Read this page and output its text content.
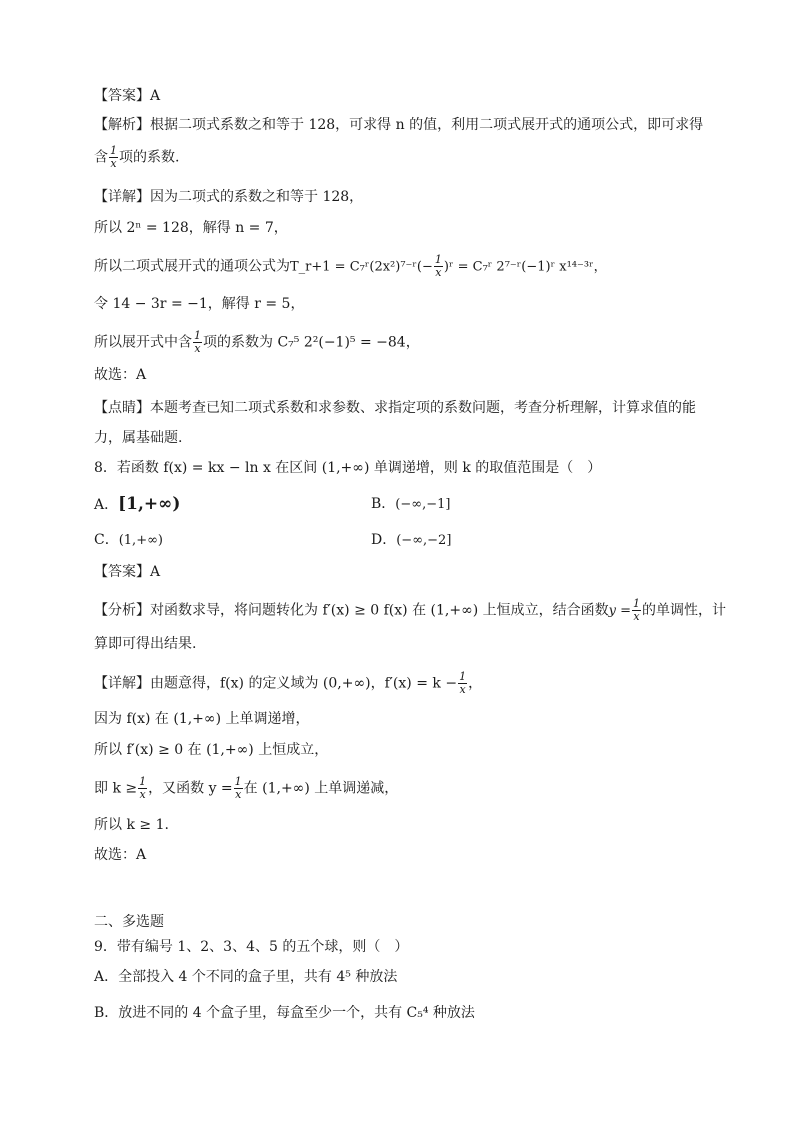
【答案】A
【解析】根据二项式系数之和等于 128，可求得 n 的值，利用二项式展开式的通项公式，即可求得
含 $\frac{1}{x}$ 项的系数.
【详解】因为二项式的系数之和等于 128，
所以 2ⁿ = 128，解得 n = 7，
所以二项式展开式的通项公式为T_r+1 = C₇ʳ(2x²)⁷⁻ʳ(− $\frac{1}{x}$ )ʳ = C₇ʳ 2⁷⁻ʳ(−1)ʳ x¹⁴⁻³ʳ，
令 14 − 3r = −1，解得 r = 5，
所以展开式中含 $\frac{1}{x}$ 项的系数为 C₇⁵ 2²(−1)⁵ = −84，
故选：A
【点睛】本题考查已知二项式系数和求参数、求指定项的系数问题，考查分析理解，计算求值的能
力，属基础题.
8．若函数 f(x) = kx − ln x 在区间 (1,+∞) 单调递增，则 k 的取值范围是（　）
A．[1,+∞)	B．(−∞,−1]
C．(1,+∞)	D．(−∞,−2]
【答案】A
【分析】对函数求导，将问题转化为 f′(x) ≥ 0 f(x) 在 (1,+∞) 上恒成立，结合函数$y = \frac{1}{x}$ 的单调性，计
算即可得出结果.
【详解】由题意得，f(x) 的定义域为 (0,+∞)，$f'(x) = k - \frac{1}{x}$ ，
因为 f(x) 在 (1,+∞) 上单调递增，
所以 f′(x) ≥ 0 在 (1,+∞) 上恒成立，
即 $k \ge \frac{1}{x}$ ，又函数 $y = \frac{1}{x}$ 在 (1,+∞) 上单调递减，
所以 k ≥ 1.
故选：A
二、多选题
9．带有编号 1、2、3、4、5 的五个球，则（　）
A．全部投入 4 个不同的盒子里，共有 4⁵ 种放法
B．放进不同的 4 个盒子里，每盒至少一个，共有 C₅⁴ 种放法
